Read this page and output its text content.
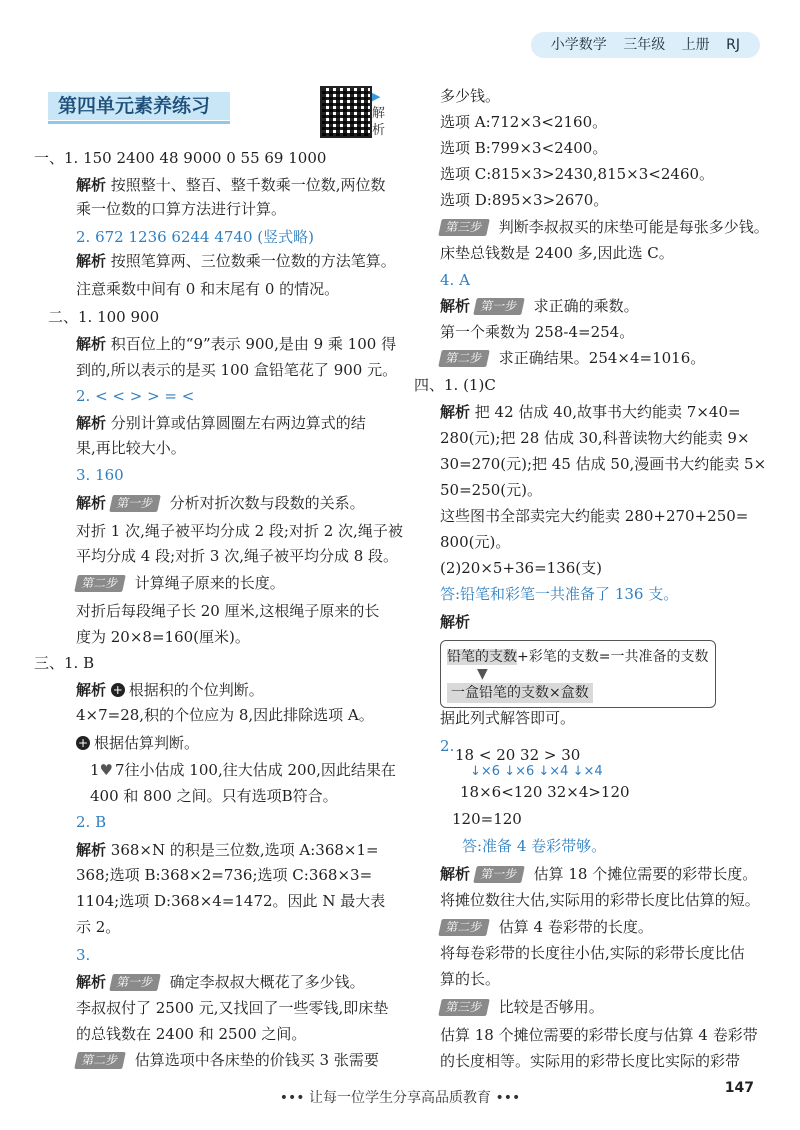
小学数学 三年级 上册 RJ
第四单元素养练习	▶解析
一、1. 150 2400 48 9000 0 55 69 1000
解析 按照整十、整百、整千数乘一位数,两位数
乘一位数的口算方法进行计算。
2. 672 1236 6244 4740 (竖式略)
解析 按照笔算两、三位数乘一位数的方法笔算。
注意乘数中间有 0 和末尾有 0 的情况。
二、1. 100 900
解析 积百位上的“9”表示 900,是由 9 乘 100 得
到的,所以表示的是买 100 盒铅笔花了 900 元。
2. < < > > = <
解析 分别计算或估算圆圈左右两边算式的结
果,再比较大小。
3. 160
解析 第一步 分析对折次数与段数的关系。
对折 1 次,绳子被平均分成 2 段;对折 2 次,绳子被
平均分成 4 段;对折 3 次,绳子被平均分成 8 段。
第二步 计算绳子原来的长度。
对折后每段绳子长 20 厘米,这根绳子原来的长
度为 20×8=160(厘米)。
三、1. B
解析 + 根据积的个位判断。
4×7=28,积的个位应为 8,因此排除选项 A。
+ 根据估算判断。
1♥ 7往小估成 100,往大估成 200,因此结果在
400 和 800 之间。只有选项B符合。
2. B
解析 368×N 的积是三位数,选项 A:368×1=
368;选项 B:368×2=736;选项 C:368×3=
1104;选项 D:368×4=1472。因此 N 最大表
示 2。
3.
解析 第一步 确定李叔叔大概花了多少钱。
李叔叔付了 2500 元,又找回了一些零钱,即床垫
的总钱数在 2400 和 2500 之间。
第二步 估算选项中各床垫的价钱买 3 张需要
多少钱。
选项 A:712×3<2160。
选项 B:799×3<2400。
选项 C:815×3>2430,815×3<2460。
选项 D:895×3>2670。
第三步 判断李叔叔买的床垫可能是每张多少钱。
床垫总钱数是 2400 多,因此选 C。
4. A
解析 第一步 求正确的乘数。
第一个乘数为 258-4=254。
第二步 求正确结果。254×4=1016。
四、1. (1)C
解析 把 42 估成 40,故事书大约能卖 7×40=
280(元);把 28 估成 30,科普读物大约能卖 9×
30=270(元);把 45 估成 50,漫画书大约能卖 5×
50=250(元)。
这些图书全部卖完大约能卖 280+270+250=
800(元)。
(2)20×5+36=136(支)
答:铅笔和彩笔一共准备了 136 支。
解析
据此列式解答即可。
2.
120=120
答:准备 4 卷彩带够。
解析 第一步 估算 18 个摊位需要的彩带长度。
将摊位数往大估,实际用的彩带长度比估算的短。
第二步 估算 4 卷彩带的长度。
将每卷彩带的长度往小估,实际的彩带长度比估
算的长。
第三步 比较是否够用。
估算 18 个摊位需要的彩带长度与估算 4 卷彩带
的长度相等。实际用的彩带长度比实际的彩带
铅笔的支数+彩笔的支数=一共准备的支数
▼
一盒铅笔的支数×盒数
18 < 20 32 > 30
↓×6 ↓×6 ↓×4 ↓×4
18×6<120 32×4>120
••• 让每一位学生分享高品质教育 •••
147
